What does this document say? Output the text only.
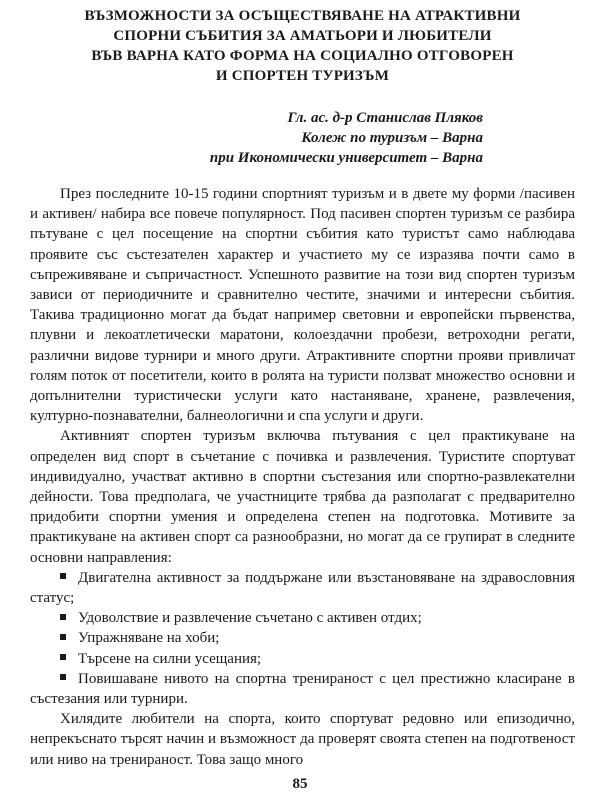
ВЪЗМОЖНОСТИ ЗА ОСЪЩЕСТВЯВАНЕ НА АТРАКТИВНИ
СПОРНИ СЪБИТИЯ ЗА АМАТЬОРИ И ЛЮБИТЕЛИ
ВЪВ ВАРНА КАТО ФОРМА НА СОЦИАЛНО ОТГОВОРЕН
И СПОРТЕН ТУРИЗЪМ
Гл. ас. д-р Станислав Пляков
Колеж по туризъм – Варна
при Икономически университет – Варна

През последните 10-15 години спортният туризъм и в двете му форми /пасивен и активен/ набира все повече популярност. Под пасивен спортен туризъм се разбира пътуване с цел посещение на спортни събития като туристът само наблюдава проявите със състезателен характер и участието му се изразява почти само в съпреживяване и съпричастност. Успешното развитие на този вид спортен туризъм зависи от периодичните и сравнително честите, значими и интересни събития. Такива традиционно могат да бъдат например световни и европейски първенства, плувни и лекоатлетически маратони, колоездачни пробези, ветроходни регати, различни видове турнири и много други. Атрактивните спортни прояви привличат голям поток от посетители, които в ролята на туристи ползват множество основни и допълнителни туристически услуги като настаняване, хранене, развлечения, културно-познавателни, балнеологични и спа услуги и други.

Активният спортен туризъм включва пътувания с цел практикуване на определен вид спорт в съчетание с почивка и развлечения. Туристите спортуват индивидуално, участват активно в спортни състезания или спортно-развлекателни дейности. Това предполага, че участниците трябва да разполагат с предварително придобити спортни умения и определена степен на подготовка. Мотивите за практикуване на активен спорт са разнообразни, но могат да се групират в следните основни направления:

Двигателна активност за поддържане или възстановяване на здравословния статус;
Удоволствие и развлечение съчетано с активен отдих;
Упражняване на хоби;
Търсене на силни усещания;
Повишаване нивото на спортна тренираност с цел престижно класиране в състезания или турнири.

Хилядите любители на спорта, които спортуват редовно или епизодично, непрекъснато търсят начин и възможност да проверят своята степен на подготвеност или ниво на тренираност. Това защо много

85
